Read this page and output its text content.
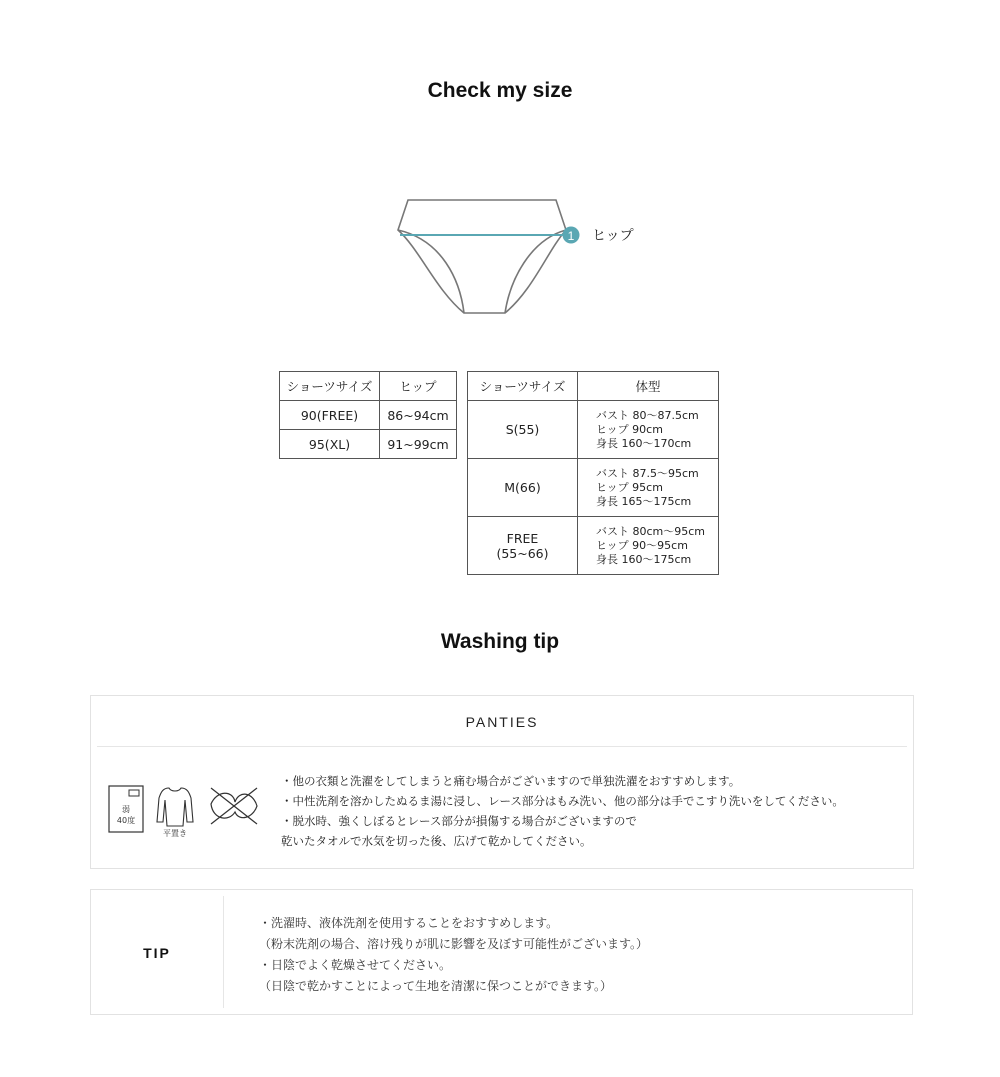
Check my size
1 ヒップ
ショーツサイズ	ヒップ
90(FREE)	86~94cm
95(XL)	91~99cm
ショーツサイズ	体型

S(55)	バスト 80～87.5cm
ヒップ 90cm
身長 160～170cm

M(66)	バスト 87.5～95cm
ヒップ 95cm
身長 165～175cm

FREE
(55~66)	バスト 80cm～95cm
ヒップ 90～95cm
身長 160～175cm
Washing tip
PANTIES
弱
40度
平置き
・他の衣類と洗濯をしてしまうと痛む場合がございますので単独洗濯をおすすめします。
・中性洗剤を溶かしたぬるま湯に浸し、レース部分はもみ洗い、他の部分は手でこすり洗いをしてください。
・脱水時、強くしぼるとレース部分が損傷する場合がございますので
乾いたタオルで水気を切った後、広げて乾かしてください。
TIP
・洗濯時、液体洗剤を使用することをおすすめします。
（粉末洗剤の場合、溶け残りが肌に影響を及ぼす可能性がございます。）
・日陰でよく乾燥させてください。
（日陰で乾かすことによって生地を清潔に保つことができます。）
